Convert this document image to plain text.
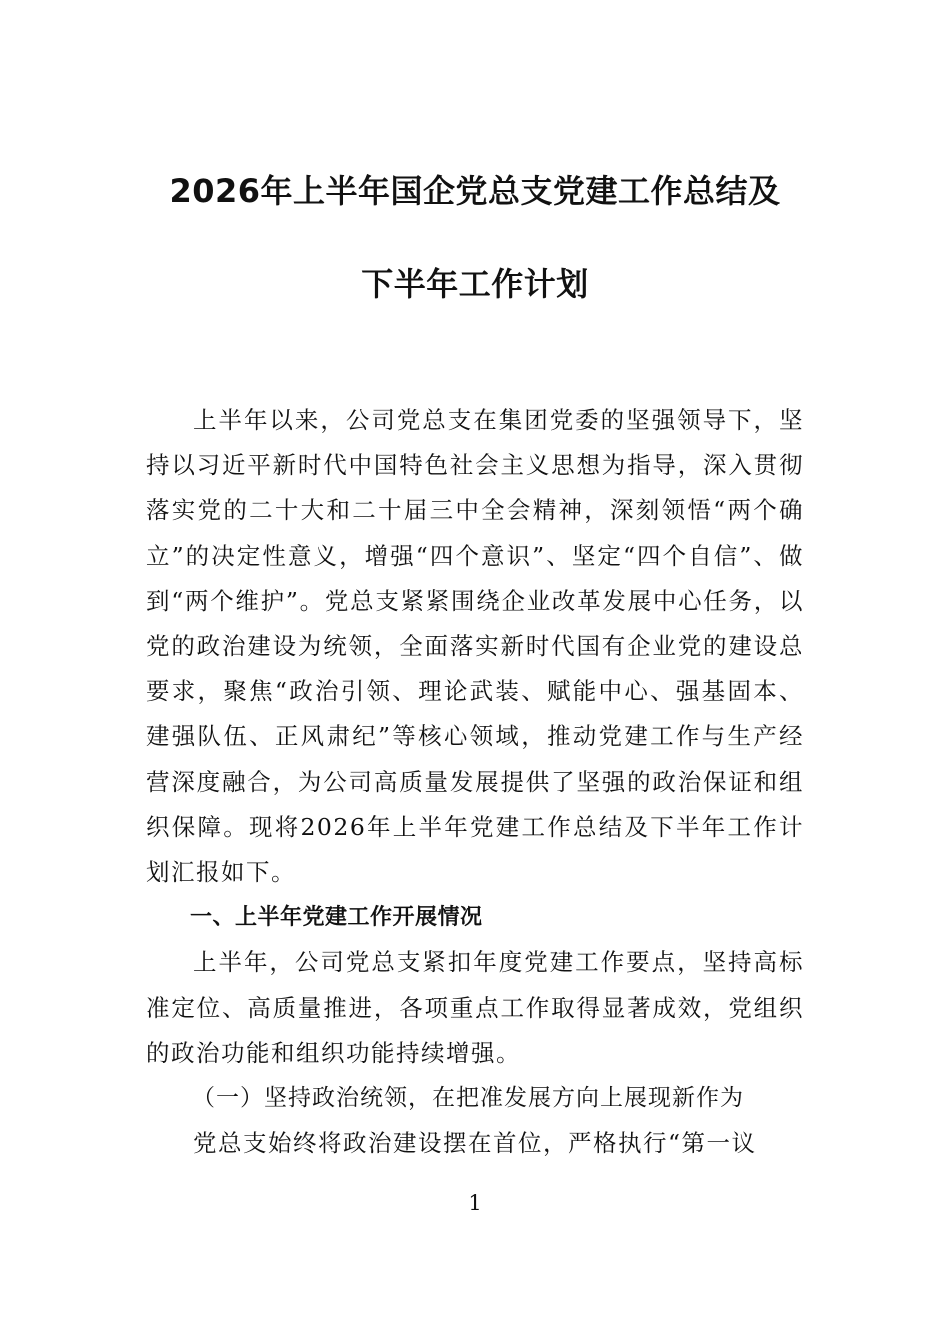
2026年上半年国企党总支党建工作总结及
下半年工作计划

上半年以来，公司党总支在集团党委的坚强领导下，坚持以习近平新时代中国特色社会主义思想为指导，深入贯彻落实党的二十大和二十届三中全会精神，深刻领悟“两个确立”的决定性意义，增强“四个意识”、坚定“四个自信”、做到“两个维护”。党总支紧紧围绕企业改革发展中心任务，以党的政治建设为统领，全面落实新时代国有企业党的建设总要求，聚焦“政治引领、理论武装、赋能中心、强基固本、建强队伍、正风肃纪”等核心领域，推动党建工作与生产经营深度融合，为公司高质量发展提供了坚强的政治保证和组织保障。现将2026年上半年党建工作总结及下半年工作计划汇报如下。

一、上半年党建工作开展情况

上半年，公司党总支紧扣年度党建工作要点，坚持高标准定位、高质量推进，各项重点工作取得显著成效，党组织的政治功能和组织功能持续增强。

（一）坚持政治统领，在把准发展方向上展现新作为

党总支始终将政治建设摆在首位，严格执行“第一议

1
